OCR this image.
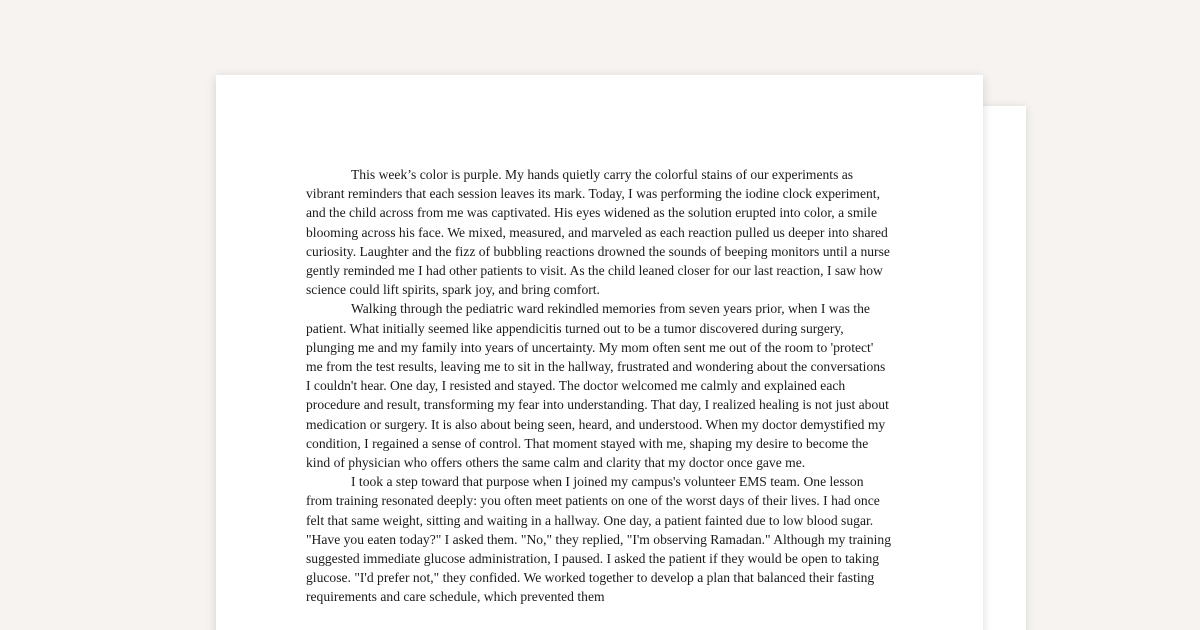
This week’s color is purple. My hands quietly carry the colorful stains of our experiments as vibrant reminders that each session leaves its mark. Today, I was performing the iodine clock experiment, and the child across from me was captivated. His eyes widened as the solution erupted into color, a smile blooming across his face. We mixed, measured, and marveled as each reaction pulled us deeper into shared curiosity. Laughter and the fizz of bubbling reactions drowned the sounds of beeping monitors until a nurse gently reminded me I had other patients to visit. As the child leaned closer for our last reaction, I saw how science could lift spirits, spark joy, and bring comfort.

Walking through the pediatric ward rekindled memories from seven years prior, when I was the patient. What initially seemed like appendicitis turned out to be a tumor discovered during surgery, plunging me and my family into years of uncertainty. My mom often sent me out of the room to 'protect' me from the test results, leaving me to sit in the hallway, frustrated and wondering about the conversations I couldn't hear. One day, I resisted and stayed. The doctor welcomed me calmly and explained each procedure and result, transforming my fear into understanding. That day, I realized healing is not just about medication or surgery. It is also about being seen, heard, and understood. When my doctor demystified my condition, I regained a sense of control. That moment stayed with me, shaping my desire to become the kind of physician who offers others the same calm and clarity that my doctor once gave me.

I took a step toward that purpose when I joined my campus's volunteer EMS team. One lesson from training resonated deeply: you often meet patients on one of the worst days of their lives. I had once felt that same weight, sitting and waiting in a hallway. One day, a patient fainted due to low blood sugar. "Have you eaten today?" I asked them. "No," they replied, "I'm observing Ramadan." Although my training suggested immediate glucose administration, I paused. I asked the patient if they would be open to taking glucose. "I'd prefer not," they confided. We worked together to develop a plan that balanced their fasting requirements and care schedule, which prevented them
